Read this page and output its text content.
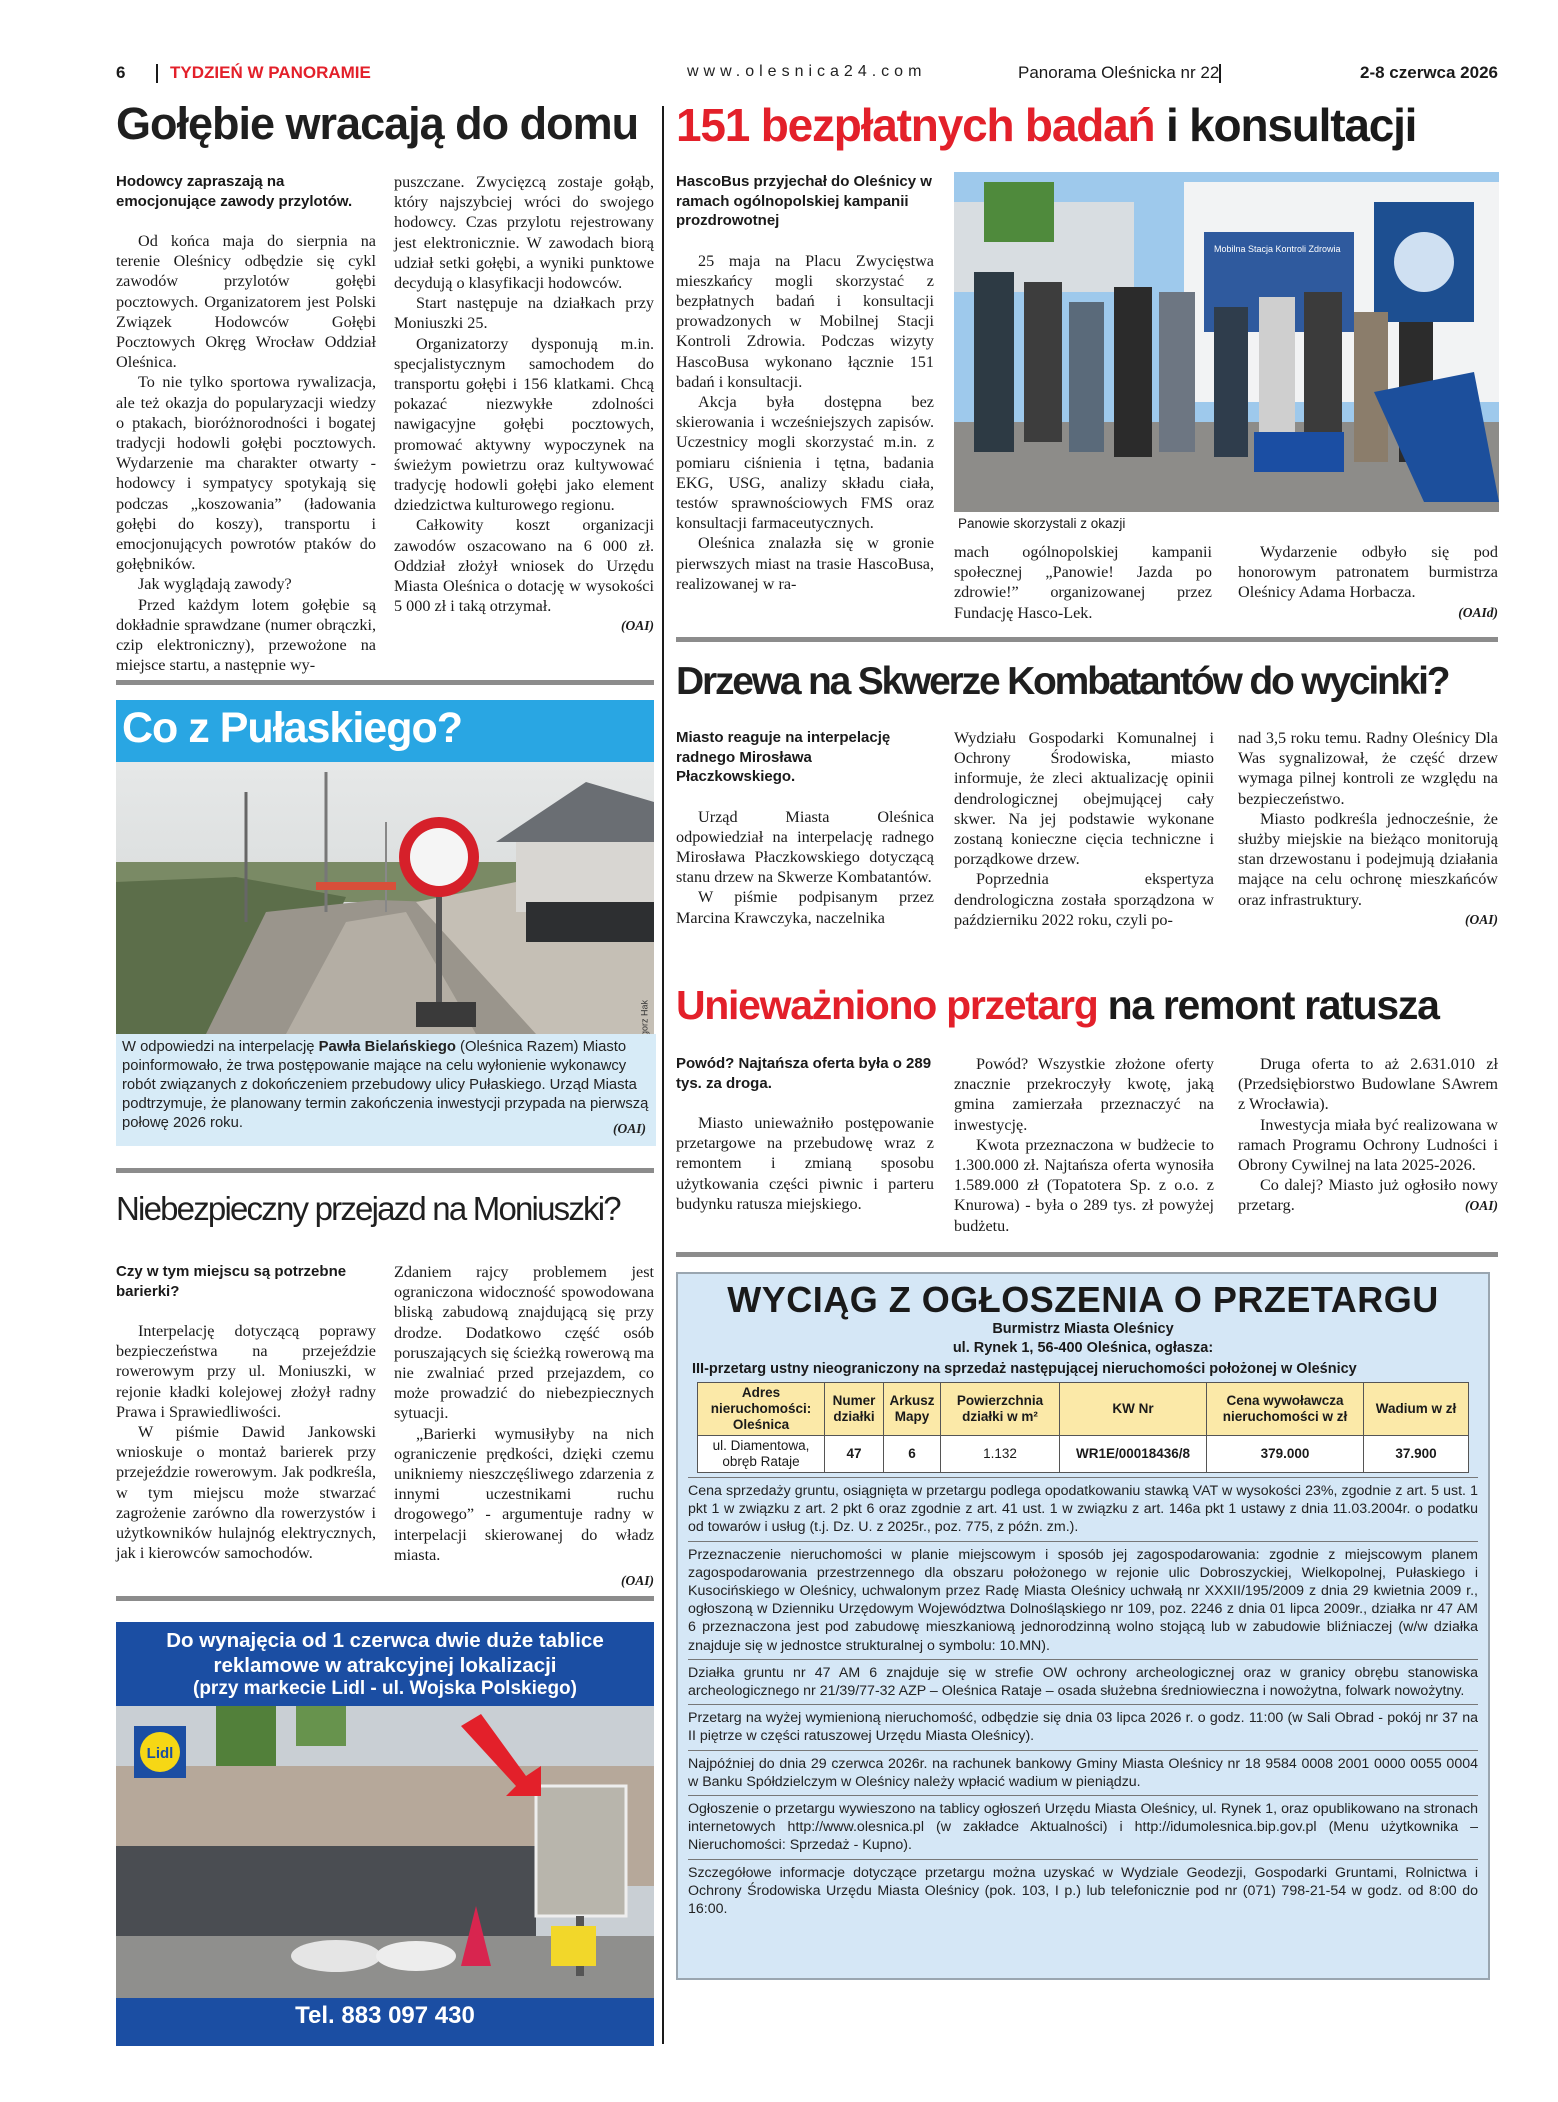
6	TYDZIEŃ W PANORAMIE	www.olesnica24.com	Panorama Oleśnicka nr 22	2-8 czerwca 2026
Gołębie wracają do domu

Hodowcy zapraszają na emocjonujące zawody przylotów.

Od końca maja do sierpnia na terenie Oleśnicy odbędzie się cykl zawodów przylotów gołębi pocztowych. Organizatorem jest Polski Związek Hodowców Gołębi Pocztowych Okręg Wrocław Oddział Oleśnica.

To nie tylko sportowa rywalizacja, ale też okazja do popularyzacji wiedzy o ptakach, bioróżnorodności i bogatej tradycji hodowli gołębi pocztowych. Wydarzenie ma charakter otwarty - hodowcy i sympatycy spotykają się podczas „koszowania” (ładowania gołębi do koszy), transportu i emocjonujących powrotów ptaków do gołębników.

Jak wyglądają zawody?

Przed każdym lotem gołębie są dokładnie sprawdzane (numer obrączki, czip elektroniczny), przewożone na miejsce startu, a następnie wy-

puszczane. Zwycięzcą zostaje gołąb, który najszybciej wróci do swojego hodowcy. Czas przylotu rejestrowany jest elektronicznie. W zawodach biorą udział setki gołębi, a wyniki punktowe decydują o klasyfikacji hodowców.

Start następuje na działkach przy Moniuszki 25.

Organizatorzy dysponują m.in. specjalistycznym samochodem do transportu gołębi i 156 klatkami. Chcą pokazać niezwykłe zdolności nawigacyjne gołębi pocztowych, promować aktywny wypoczynek na świeżym powietrzu oraz kultywować tradycję hodowli gołębi jako element dziedzictwa kulturowego regionu.

Całkowity koszt organizacji zawodów oszacowano na 6 000 zł. Oddział złożył wniosek do Urzędu Miasta Oleśnica o dotację w wysokości 5 000 zł i taką otrzymał.

(OAI)

Co z Pułaskiego?
W odpowiedzi na interpelację Pawła Bielańskiego (Oleśnica Razem) Miasto poinformowało, że trwa postępowanie mające na celu wyłonienie wykonawcy robót związanych z dokończeniem przebudowy ulicy Pułaskiego. Urząd Miasta podtrzymuje, że planowany termin zakończenia inwestycji przypada na pierwszą połowę 2026 roku.	(OAI)
Niebezpieczny przejazd na Moniuszki?

Czy w tym miejscu są potrzebne barierki?

Interpelację dotyczącą poprawy bezpieczeństwa na przejeździe rowerowym przy ul. Moniuszki, w rejonie kładki kolejowej złożył radny Prawa i Sprawiedliwości.

W piśmie Dawid Jankowski wnioskuje o montaż barierek przy przejeździe rowerowym. Jak podkreśla, w tym miejscu może stwarzać zagrożenie zarówno dla rowerzystów i użytkowników hulajnóg elektrycznych, jak i kierowców samochodów.

Zdaniem rajcy problemem jest ograniczona widoczność spowodowana bliską zabudową znajdującą się przy drodze. Dodatkowo część osób poruszających się ścieżką rowerową ma nie zwalniać przed przejazdem, co może prowadzić do niebezpiecznych sytuacji.

„Barierki wymusiłyby na nich ograniczenie prędkości, dzięki czemu unikniemy nieszczęśliwego zdarzenia z innymi uczestnikami ruchu drogowego” - argumentuje radny w interpelacji skierowanej do władz miasta.

(OAI)

Do wynajęcia od 1 czerwca dwie duże tablice reklamowe w atrakcyjnej lokalizacji
(przy markecie Lidl - ul. Wojska Polskiego)
Lidl
Tel. 883 097 430
151 bezpłatnych badań i konsultacji

HascoBus przyjechał do Oleśnicy w ramach ogólnopolskiej kampanii prozdrowotnej

25 maja na Placu Zwycięstwa mieszkańcy mogli skorzystać z bezpłatnych badań i konsultacji prowadzonych w Mobilnej Stacji Kontroli Zdrowia. Podczas wizyty HascoBusa wykonano łącznie 151 badań i konsultacji.

Akcja była dostępna bez skierowania i wcześniejszych zapisów. Uczestnicy mogli skorzystać m.in. z pomiaru ciśnienia i tętna, badania EKG, USG, analizy składu ciała, testów sprawnościowych FMS oraz konsultacji farmaceutycznych.

Oleśnica znalazła się w gronie pierwszych miast na trasie HascoBusa, realizowanej w ra-

Mobilna Stacja Kontroli Zdrowia
Panowie skorzystali z okazji

mach ogólnopolskiej kampanii społecznej „Panowie! Jazda po zdrowie!” organizowanej przez Fundację Hasco-Lek.

Wydarzenie odbyło się pod honorowym patronatem burmistrza Oleśnicy Adama Horbacza.

(OAId)

Drzewa na Skwerze Kombatantów do wycinki?

Miasto reaguje na interpelację radnego Mirosława Płaczkowskiego.

Urząd Miasta Oleśnica odpowiedział na interpelację radnego Mirosława Płaczkowskiego dotyczącą stanu drzew na Skwerze Kombatantów.

W piśmie podpisanym przez Marcina Krawczyka, naczelnika

Wydziału Gospodarki Komunalnej i Ochrony Środowiska, miasto informuje, że zleci aktualizację opinii dendrologicznej obejmującej cały skwer. Na jej podstawie wykonane zostaną konieczne cięcia techniczne i porządkowe drzew.

Poprzednia ekspertyza dendrologiczna została sporządzona w październiku 2022 roku, czyli po-

nad 3,5 roku temu. Radny Oleśnicy Dla Was sygnalizował, że część drzew wymaga pilnej kontroli ze względu na bezpieczeństwo.

Miasto podkreśla jednocześnie, że służby miejskie na bieżąco monitorują stan drzewostanu i podejmują działania mające na celu ochronę mieszkańców oraz infrastruktury.

(OAI)

Unieważniono przetarg na remont ratusza

Powód? Najtańsza oferta była o 289 tys. za droga.

Miasto unieważniło postępowanie przetargowe na przebudowę wraz z remontem i zmianą sposobu użytkowania części piwnic i parteru budynku ratusza miejskiego.

Powód? Wszystkie złożone oferty znacznie przekroczyły kwotę, jaką gmina zamierzała przeznaczyć na inwestycję.

Kwota przeznaczona w budżecie to 1.300.000 zł. Najtańsza oferta wynosiła 1.589.000 zł (Topatotera Sp. z o.o. z Knurowa) - była o 289 tys. zł powyżej budżetu.

Druga oferta to aż 2.631.010 zł (Przedsiębiorstwo Budowlane SAwrem z Wrocławia).

Inwestycja miała być realizowana w ramach Programu Ochrony Ludności i Obrony Cywilnej na lata 2025-2026.

Co dalej? Miasto już ogłosiło nowy przetarg.	(OAI)

WYCIĄG Z OGŁOSZENIA O PRZETARGU
Burmistrz Miasta Oleśnicy
ul. Rynek 1, 56-400 Oleśnica, ogłasza:
III-przetarg ustny nieograniczony na sprzedaż następującej nieruchomości położonej w Oleśnicy
Adres nieruchomości: Oleśnica	Numer działki	Arkusz Mapy	Powierzchnia działki w m²	KW Nr	Cena wywoławcza nieruchomości w zł	Wadium w zł
ul. Diamentowa, obręb Rataje	47	6	1.132	WR1E/00018436/8	379.000	37.900

Cena sprzedaży gruntu, osiągnięta w przetargu podlega opodatkowaniu stawką VAT w wysokości 23%, zgodnie z art. 5 ust. 1 pkt 1 w związku z art. 2 pkt 6 oraz zgodnie z art. 41 ust. 1 w związku z art. 146a pkt 1 ustawy z dnia 11.03.2004r. o podatku od towarów i usług (t.j. Dz. U. z 2025r., poz. 775, z późn. zm.).

Przeznaczenie nieruchomości w planie miejscowym i sposób jej zagospodarowania: zgodnie z miejscowym planem zagospodarowania przestrzennego dla obszaru położonego w rejonie ulic Dobroszyckiej, Wielkopolnej, Pułaskiego i Kusocińskiego w Oleśnicy, uchwalonym przez Radę Miasta Oleśnicy uchwałą nr XXXII/195/2009 z dnia 29 kwietnia 2009 r., ogłoszoną w Dzienniku Urzędowym Województwa Dolnośląskiego nr 109, poz. 2246 z dnia 01 lipca 2009r., działka nr 47 AM 6 przeznaczona jest pod zabudowę mieszkaniową jednorodzinną wolno stojącą lub w zabudowie bliźniaczej (w/w działka znajduje się w jednostce strukturalnej o symbolu: 10.MN).

Działka gruntu nr 47 AM 6 znajduje się w strefie OW ochrony archeologicznej oraz w granicy obrębu stanowiska archeologicznego nr 21/39/77-32 AZP – Oleśnica Rataje – osada służebna średniowieczna i nowożytna, folwark nowożytny.

Przetarg na wyżej wymienioną nieruchomość, odbędzie się dnia 03 lipca 2026 r. o godz. 11:00 (w Sali Obrad - pokój nr 37 na II piętrze w części ratuszowej Urzędu Miasta Oleśnicy).

Najpóźniej do dnia 29 czerwca 2026r. na rachunek bankowy Gminy Miasta Oleśnicy nr 18 9584 0008 2001 0000 0055 0004 w Banku Spółdzielczym w Oleśnicy należy wpłacić wadium w pieniądzu.

Ogłoszenie o przetargu wywieszono na tablicy ogłoszeń Urzędu Miasta Oleśnicy, ul. Rynek 1, oraz opublikowano na stronach internetowych http://www.olesnica.pl (w zakładce Aktualności) i http://idumolesnica.bip.gov.pl (Menu użytkownika – Nieruchomości: Sprzedaż - Kupno).

Szczegółowe informacje dotyczące przetargu można uzyskać w Wydziale Geodezji, Gospodarki Gruntami, Rolnictwa i Ochrony Środowiska Urzędu Miasta Oleśnicy (pok. 103, I p.) lub telefonicznie pod nr (071) 798-21-54 w godz. od 8:00 do 16:00.
